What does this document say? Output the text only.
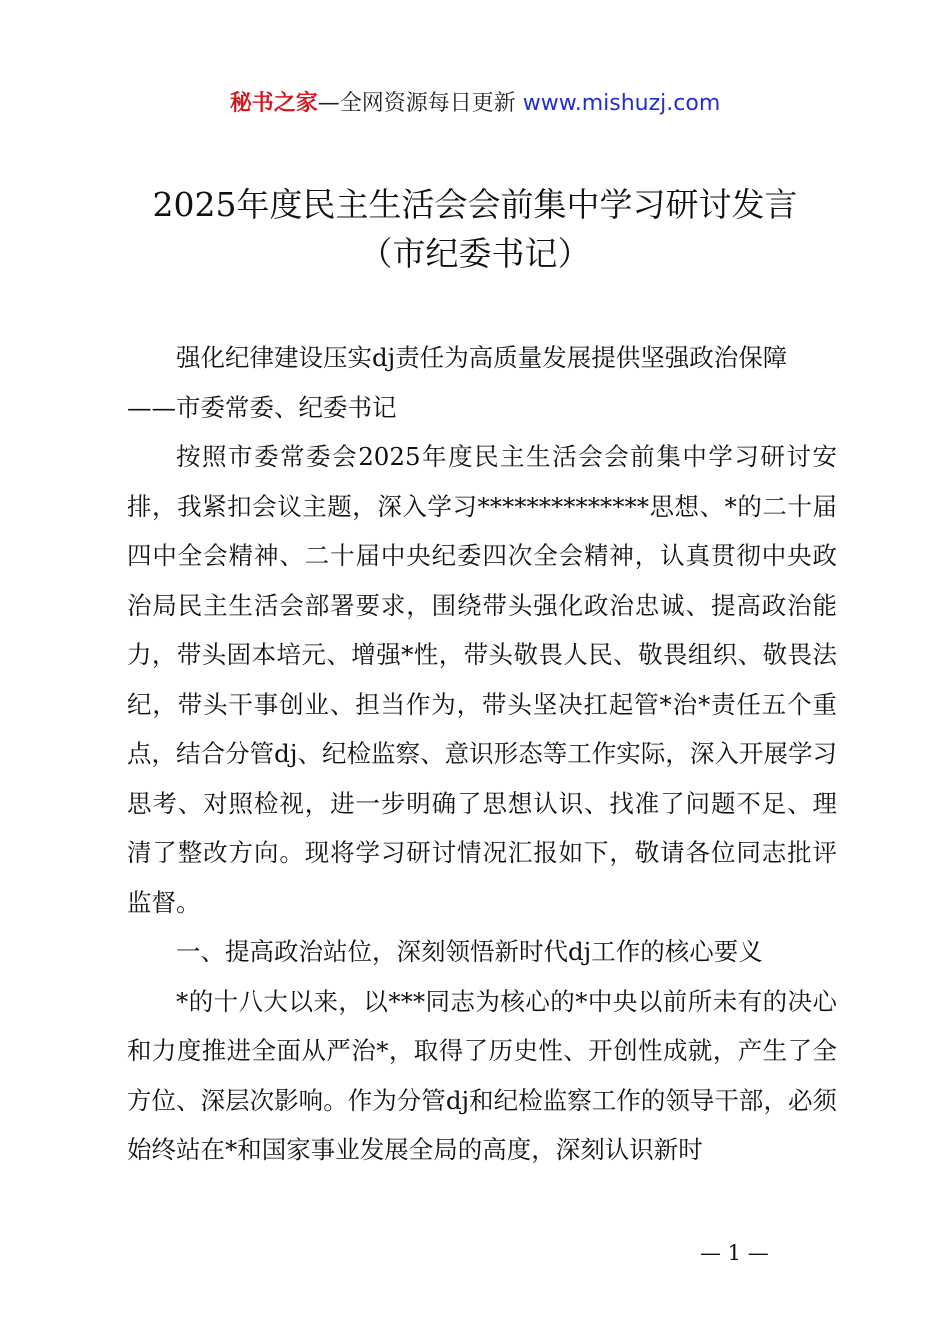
秘书之家—全网资源每日更新 www.mishuzj.com
2025年度民主生活会会前集中学习研讨发言
（市纪委书记）

强化纪律建设压实dj责任为高质量发展提供坚强政治保障

——市委常委、纪委书记

按照市委常委会2025年度民主生活会会前集中学习研讨安排，我紧扣会议主题，深入学习**************思想、*的二十届四中全会精神、二十届中央纪委四次全会精神，认真贯彻中央政治局民主生活会部署要求，围绕带头强化政治忠诚、提高政治能力，带头固本培元、增强*性，带头敬畏人民、敬畏组织、敬畏法纪，带头干事创业、担当作为，带头坚决扛起管*治*责任五个重点，结合分管dj、纪检监察、意识形态等工作实际，深入开展学习思考、对照检视，进一步明确了思想认识、找准了问题不足、理清了整改方向。现将学习研讨情况汇报如下，敬请各位同志批评监督。

一、提高政治站位，深刻领悟新时代dj工作的核心要义

*的十八大以来，以***同志为核心的*中央以前所未有的决心和力度推进全面从严治*，取得了历史性、开创性成就，产生了全方位、深层次影响。作为分管dj和纪检监察工作的领导干部，必须始终站在*和国家事业发展全局的高度，深刻认识新时

— 1 —
